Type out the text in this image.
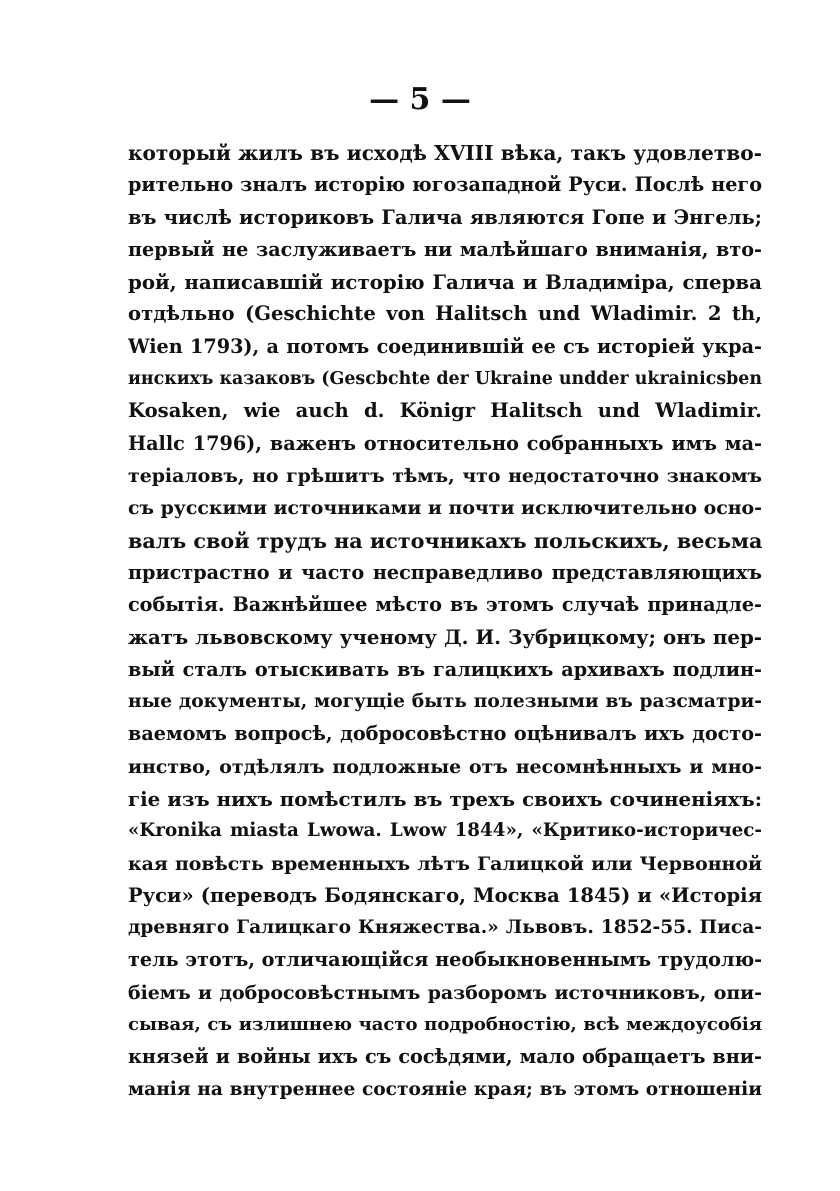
— 5 —
который жилъ въ исходѣ XVIII вѣка, такъ удовлетво-
рительно зналъ исторію югозападной Руси. Послѣ него
въ числѣ историковъ Галича являются Гопе и Энгель;
первый не заслуживаетъ ни малѣйшаго вниманія, вто-
рой, написавшій исторію Галича и Владиміра, сперва
отдѣльно (Geschichte von Halitsch und Wladimir. 2 th,
Wien 1793), а потомъ соединившій ее съ исторіей укра-
инскихъ казаковъ (Gescbchte der Ukraine undder ukrainicsben
Kosaken, wie auch d. Königr Halitsch und Wladimir.
Hallc 1796), важенъ относительно собранныхъ имъ ма-
теріаловъ, но грѣшитъ тѣмъ, что недостаточно знакомъ
съ русскими источниками и почти исключительно осно-
валъ свой трудъ на источникахъ польскихъ, весьма
пристрастно и часто несправедливо представляющихъ
событія. Важнѣйшее мѣсто въ этомъ случаѣ принадле-
жатъ львовскому ученому Д. И. Зубрицкому; онъ пер-
вый сталъ отыскивать въ галицкихъ архивахъ подлин-
ные документы, могущіе быть полезными въ разсматри-
ваемомъ вопросѣ, добросовѣстно оцѣнивалъ ихъ досто-
инство, отдѣлялъ подложные отъ несомнѣнныхъ и мно-
гіе изъ нихъ помѣстилъ въ трехъ своихъ сочиненіяхъ:
«Kronika miasta Lwowa. Lwow 1844», «Критико-историчес-
кая повѣсть временныхъ лѣтъ Галицкой или Червонной
Руси» (переводъ Бодянскаго, Москва 1845) и «Исторія
древняго Галицкаго Княжества.» Львовъ. 1852-55. Писа-
тель этотъ, отличающійся необыкновеннымъ трудолю-
біемъ и добросовѣстнымъ разборомъ источниковъ, опи-
сывая, съ излишнею часто подробностію, всѣ междоусобія
князей и войны ихъ съ сосѣдями, мало обращаетъ вни-
манія на внутреннее состояніе края; въ этомъ отношеніи
